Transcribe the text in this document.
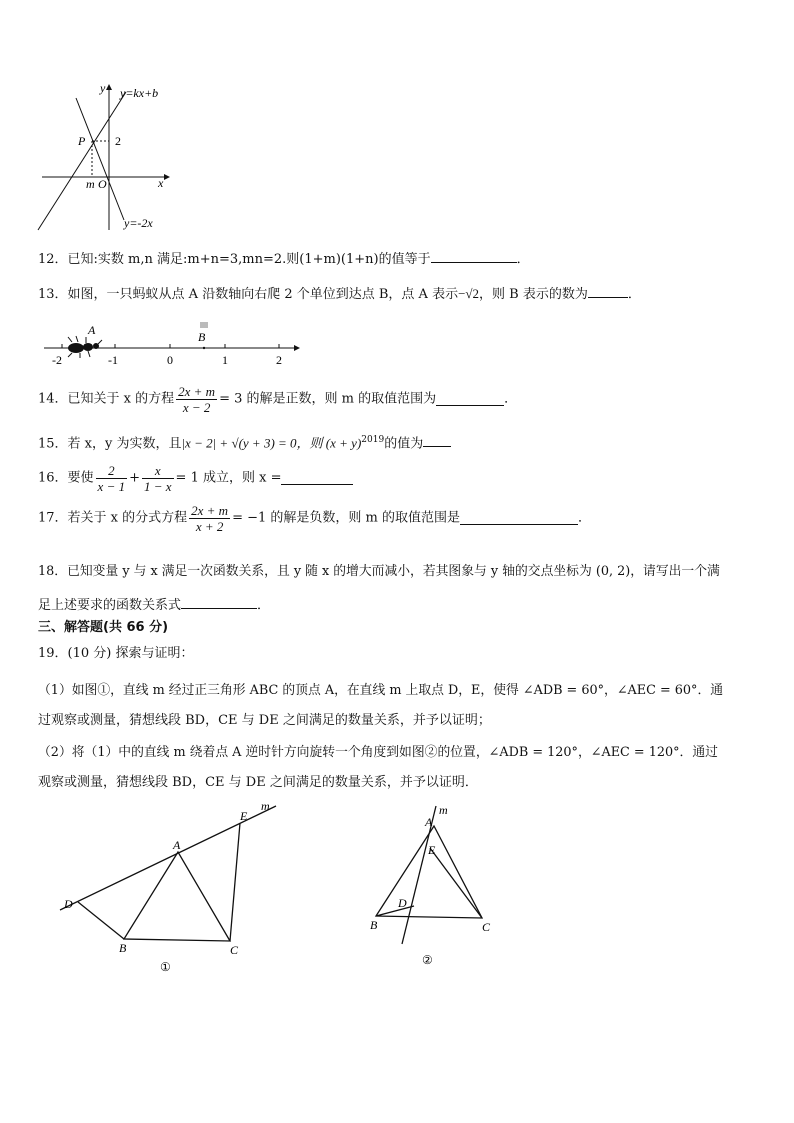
y y=kx+b
P 2
m O	x
y=-2x
12．已知:实数 m,n 满足:m+n=3,mn=2.则(1+m)(1+n)的值等于	．
13．如图，一只蚂蚁从点 A 沿数轴向右爬 2 个单位到达点 B，点 A 表示−√2，则 B 表示的数为	．
-2	-1	0	1	2
A	B
14．已知关于 x 的方程 $\frac{2x + m}{x - 2} = 3$ 的解是正数，则 m 的取值范围为	．
15．若 x，y 为实数，且|x − 2| + √(y + 3) = 0，则 $(x + y)^{2019}$的值为
16．要使 $\frac{2}{x - 1} + \frac{x}{1 - x} = 1$ 成立，则 x =
17．若关于 x 的分式方程 $\frac{2x + m}{x + 2} = -1$ 的解是负数，则 m 的取值范围是	．
18．已知变量 y 与 x 满足一次函数关系，且 y 随 x 的增大而减小，若其图象与 y 轴的交点坐标为 (0, 2)，请写出一个满
足上述要求的函数关系式	．
三、解答题(共 66 分)
19．(10 分) 探索与证明：
（1）如图①，直线 m 经过正三角形 ABC 的顶点 A，在直线 m 上取点 D，E，使得 ∠ADB = 60°，∠AEC = 60°．通
过观察或测量，猜想线段 BD，CE 与 DE 之间满足的数量关系，并予以证明；
（2）将（1）中的直线 m 绕着点 A 逆时针方向旋转一个角度到如图②的位置，∠ADB = 120°，∠AEC = 120°．通过
观察或测量，猜想线段 BD，CE 与 DE 之间满足的数量关系，并予以证明．
m
E
A
D
B	C
①
m
A
E
D
B	C
②
